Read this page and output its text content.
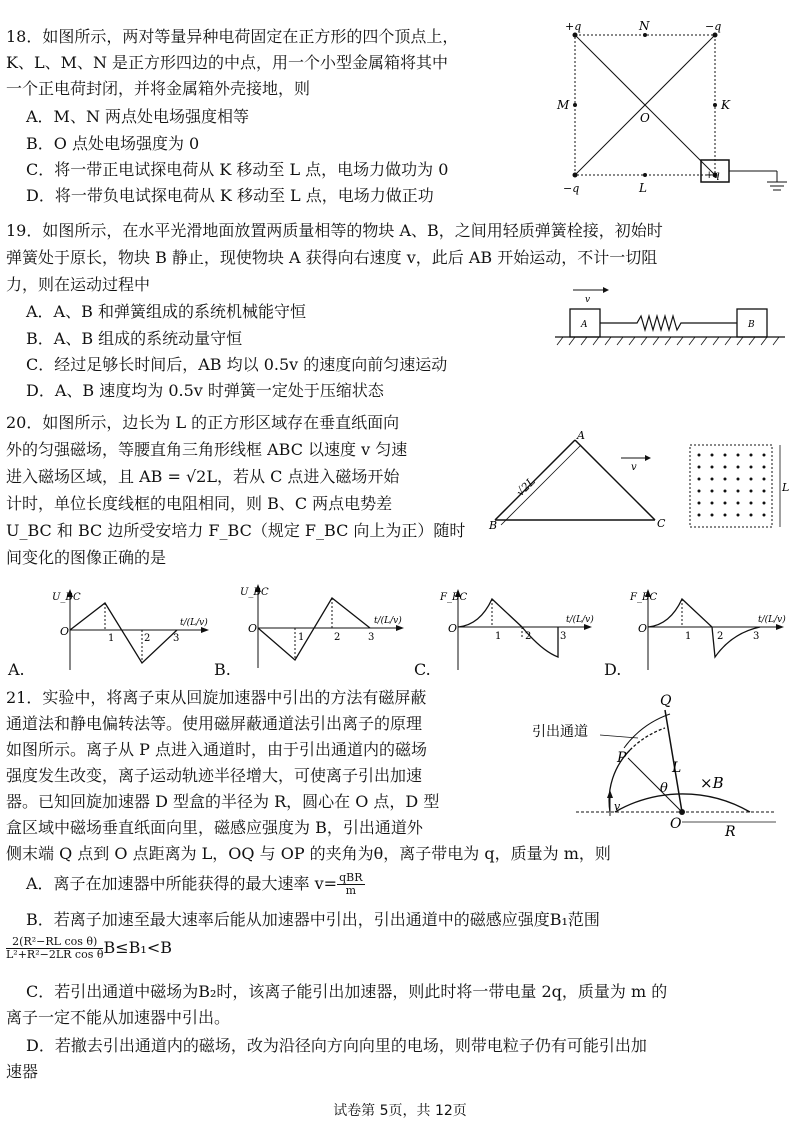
18．如图所示，两对等量异种电荷固定在正方形的四个顶点上，
K、L、M、N 是正方形四边的中点，用一个小型金属箱将其中
一个正电荷封闭，并将金属箱外壳接地，则
A．M、N 两点处电场强度相等
B．O 点处电场强度为 0
C．将一带正电试探电荷从 K 移动至 L 点，电场力做功为 0
D．将一带负电试探电荷从 K 移动至 L 点，电场力做正功
+q	−q
−q
+q
N
L
M	K
O
19．如图所示，在水平光滑地面放置两质量相等的物块 A、B，之间用轻质弹簧栓接，初始时
弹簧处于原长，物块 B 静止，现使物块 A 获得向右速度 v，此后 AB 开始运动，不计一切阻
力，则在运动过程中
A．A、B 和弹簧组成的系统机械能守恒
B．A、B 组成的系统动量守恒
C．经过足够长时间后，AB 均以 0.5v 的速度向前匀速运动
D．A、B 速度均为 0.5v 时弹簧一定处于压缩状态
v
A	B
20．如图所示，边长为 L 的正方形区域存在垂直纸面向
外的匀强磁场，等腰直角三角形线框 ABC 以速度 v 匀速
进入磁场区域，且 AB = √2L，若从 C 点进入磁场开始
计时，单位长度线框的电阻相同，则 B、C 两点电势差
U_BC 和 BC 边所受安培力 F_BC（规定 F_BC 向上为正）随时
间变化的图像正确的是
B
A
C
√2L
v
L
U_BC
O
1	2 3
t/(L/v)
A.
U_BC
O
1	2	3
t/(L/v)
B.
F_BC
O
1 2	3
t/(L/v)
C.
F_BC
O
1	2	3
t/(L/v)
D.
21．实验中，将离子束从回旋加速器中引出的方法有磁屏蔽
通道法和静电偏转法等。使用磁屏蔽通道法引出离子的原理
如图所示。离子从 P 点进入通道时，由于引出通道内的磁场
强度发生改变，离子运动轨迹半径增大，可使离子引出加速
器。已知回旋加速器 D 型盒的半径为 R，圆心在 O 点，D 型
盒区域中磁场垂直纸面向里，磁感应强度为 B，引出通道外
侧末端 Q 点到 O 点距离为 L，OQ 与 OP 的夹角为θ，离子带电为 q，质量为 m，则
A．离子在加速器中所能获得的最大速率 $v= \frac{\text{qBR}}{m}$
B．若离子加速至最大速率后能从加速器中引出，引出通道中的磁感应强度B₁范围
$\frac{\text{2(R²−RL cos θ)}}{\text{L²+R²−2LR cos θ}} B\le B_1<B$
C．若引出通道中磁场为B₂时，该离子能引出加速器，则此时将一带电量 2q，质量为 m 的
离子一定不能从加速器中引出。
D．若撤去引出通道内的磁场，改为沿径向方向向里的电场，则带电粒子仍有可能引出加
速器
引出通道
Q
P
L
θ ×B
O	R
v
试卷第 5页，共 12页
